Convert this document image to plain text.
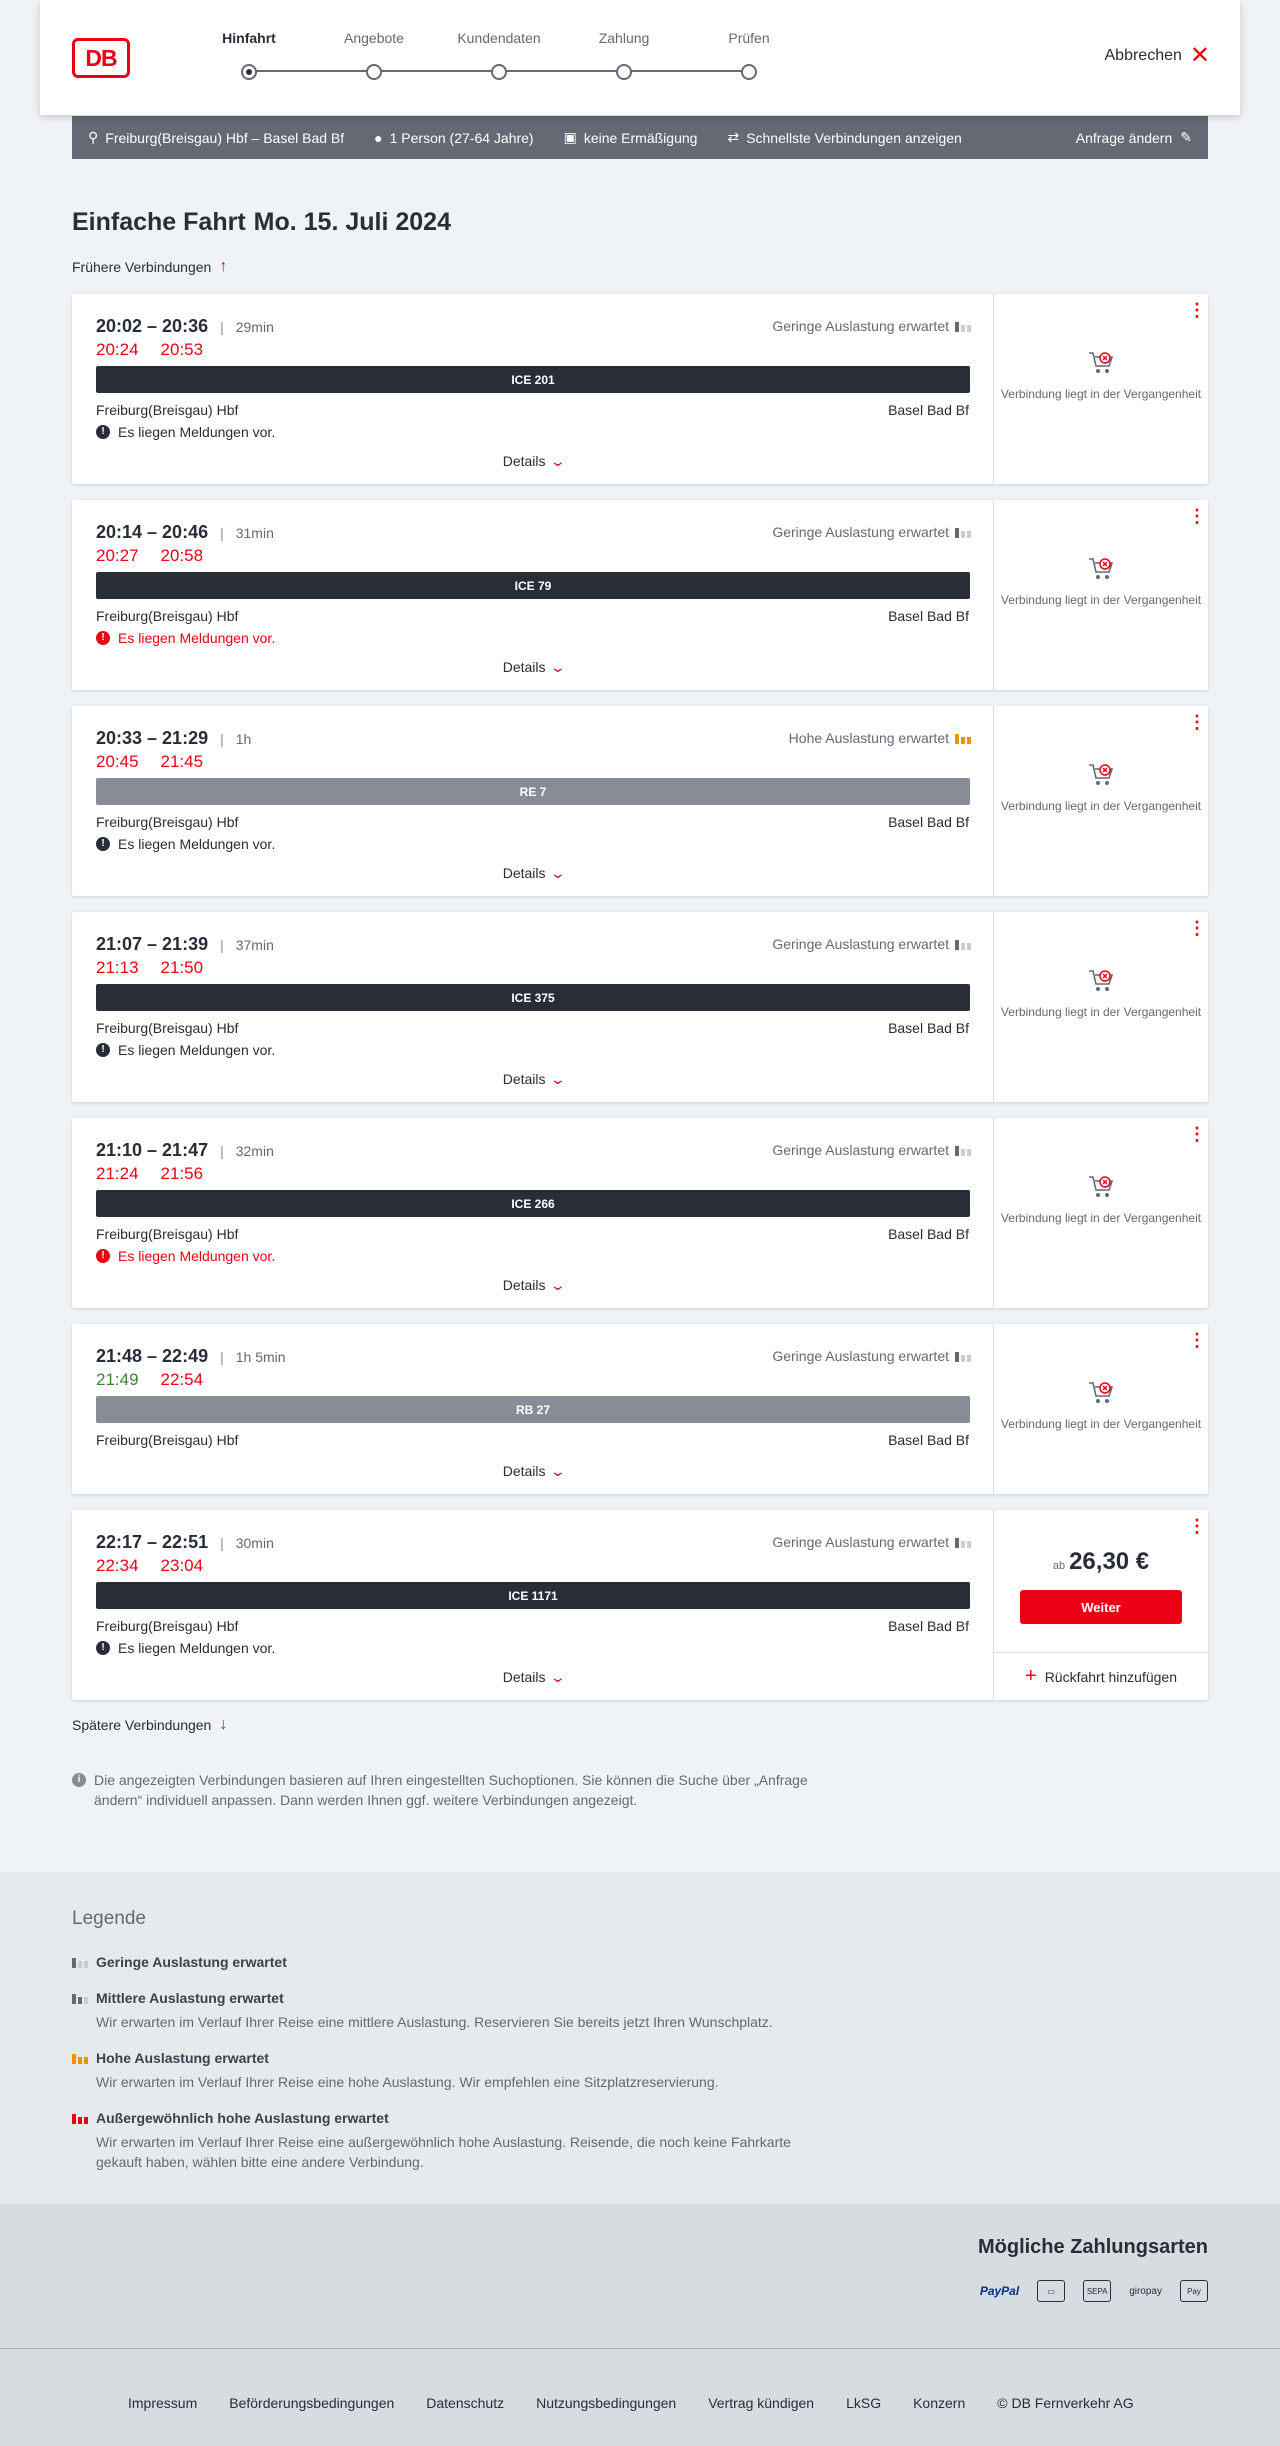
DB
Hinfahrt	Angebote	Kundendaten	Zahlung	Prüfen
Abbrechen ✕
⚲ Freiburg(Breisgau) Hbf – Basel Bad Bf ● 1 Person (27-64 Jahre) ▣ keine Ermäßigung ⇄ Schnellste Verbindungen anzeigen	Anfrage ändern ✎
Einfache Fahrt Mo. 15. Juli 2024
Frühere Verbindungen ↑
20:02 – 20:36 | 29min
20:24 20:53
Geringe Auslastung erwartet
ICE 201
Freiburg(Breisgau) Hbf	Basel Bad Bf
! Es liegen Meldungen vor.
Details ⌄
⋮
Verbindung liegt in der Vergangenheit
20:14 – 20:46 | 31min
20:27 20:58
Geringe Auslastung erwartet
ICE 79
Freiburg(Breisgau) Hbf	Basel Bad Bf
! Es liegen Meldungen vor.
Details ⌄
⋮
Verbindung liegt in der Vergangenheit
20:33 – 21:29 | 1h
20:45 21:45
Hohe Auslastung erwartet
RE 7
Freiburg(Breisgau) Hbf	Basel Bad Bf
! Es liegen Meldungen vor.
Details ⌄
⋮
Verbindung liegt in der Vergangenheit
21:07 – 21:39 | 37min
21:13 21:50
Geringe Auslastung erwartet
ICE 375
Freiburg(Breisgau) Hbf	Basel Bad Bf
! Es liegen Meldungen vor.
Details ⌄
⋮
Verbindung liegt in der Vergangenheit
21:10 – 21:47 | 32min
21:24 21:56
Geringe Auslastung erwartet
ICE 266
Freiburg(Breisgau) Hbf	Basel Bad Bf
! Es liegen Meldungen vor.
Details ⌄
⋮
Verbindung liegt in der Vergangenheit
21:48 – 22:49 | 1h 5min
21:49 22:54
Geringe Auslastung erwartet
RB 27
Freiburg(Breisgau) Hbf	Basel Bad Bf
Details ⌄
⋮
Verbindung liegt in der Vergangenheit
22:17 – 22:51 | 30min
22:34 23:04
Geringe Auslastung erwartet
ICE 1171
Freiburg(Breisgau) Hbf	Basel Bad Bf
! Es liegen Meldungen vor.
Details ⌄
⋮
ab 26,30 €
Weiter
+ Rückfahrt hinzufügen
Spätere Verbindungen ↓
i Die angezeigten Verbindungen basieren auf Ihren eingestellten Suchoptionen. Sie können die Suche über „Anfrage ändern“ individuell anpassen. Dann werden Ihnen ggf. weitere Verbindungen angezeigt.
Legende
Geringe Auslastung erwartet
Mittlere Auslastung erwartet
Wir erwarten im Verlauf Ihrer Reise eine mittlere Auslastung. Reservieren Sie bereits jetzt Ihren Wunschplatz.
Hohe Auslastung erwartet
Wir erwarten im Verlauf Ihrer Reise eine hohe Auslastung. Wir empfehlen eine Sitzplatzreservierung.
Außergewöhnlich hohe Auslastung erwartet
Wir erwarten im Verlauf Ihrer Reise eine außergewöhnlich hohe Auslastung. Reisende, die noch keine Fahrkarte gekauft haben, wählen bitte eine andere Verbindung.
Mögliche Zahlungsarten
PayPal	▭	SEPA	giropay	Pay
Impressum Beförderungsbedingungen Datenschutz Nutzungsbedingungen Vertrag kündigen LkSG Konzern © DB Fernverkehr AG
